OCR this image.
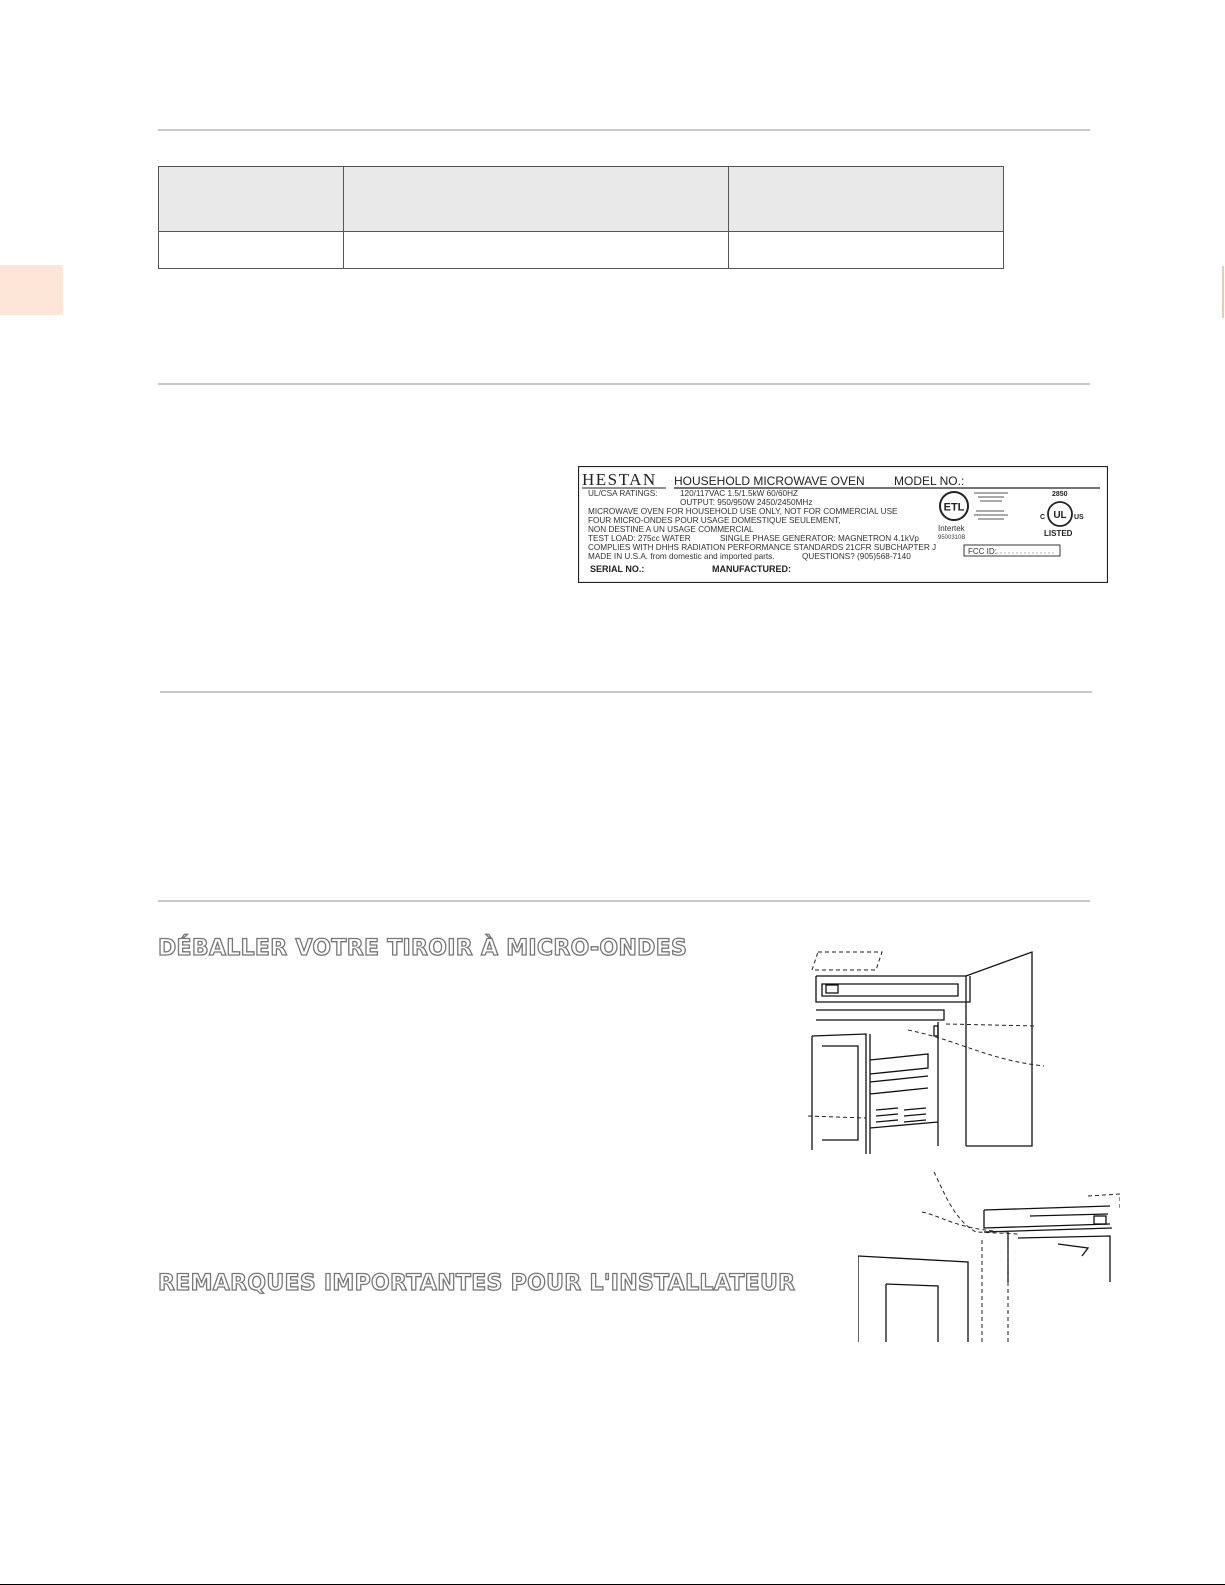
HESTAN HOUSEHOLD MICROWAVE OVEN MODEL NO.:
UL/CSA RATINGS:	120/117VAC 1.5/1.5kW 60/60HZ
OUTPUT: 950/950W 2450/2450MHz
MICROWAVE OVEN FOR HOUSEHOLD USE ONLY, NOT FOR COMMERCIAL USE
FOUR MICRO-ONDES POUR USAGE DOMESTIQUE SEULEMENT,
NON DESTINE A UN USAGE COMMERCIAL
TEST LOAD: 275cc WATER	SINGLE PHASE GENERATOR: MAGNETRON 4.1kVp
COMPLIES WITH DHHS RADIATION PERFORMANCE STANDARDS 21CFR SUBCHAPTER J
MADE IN U.S.A. from domestic and imported parts.	QUESTIONS? (905)568-7140
SERIAL NO.:	MANUFACTURED:
ETL
Intertek
9500310B
2850
UL
C	US
LISTED
FCC ID:
DÉBALLER VOTRE TIROIR À MICRO-ONDES
REMARQUES IMPORTANTES POUR L'INSTALLATEUR
